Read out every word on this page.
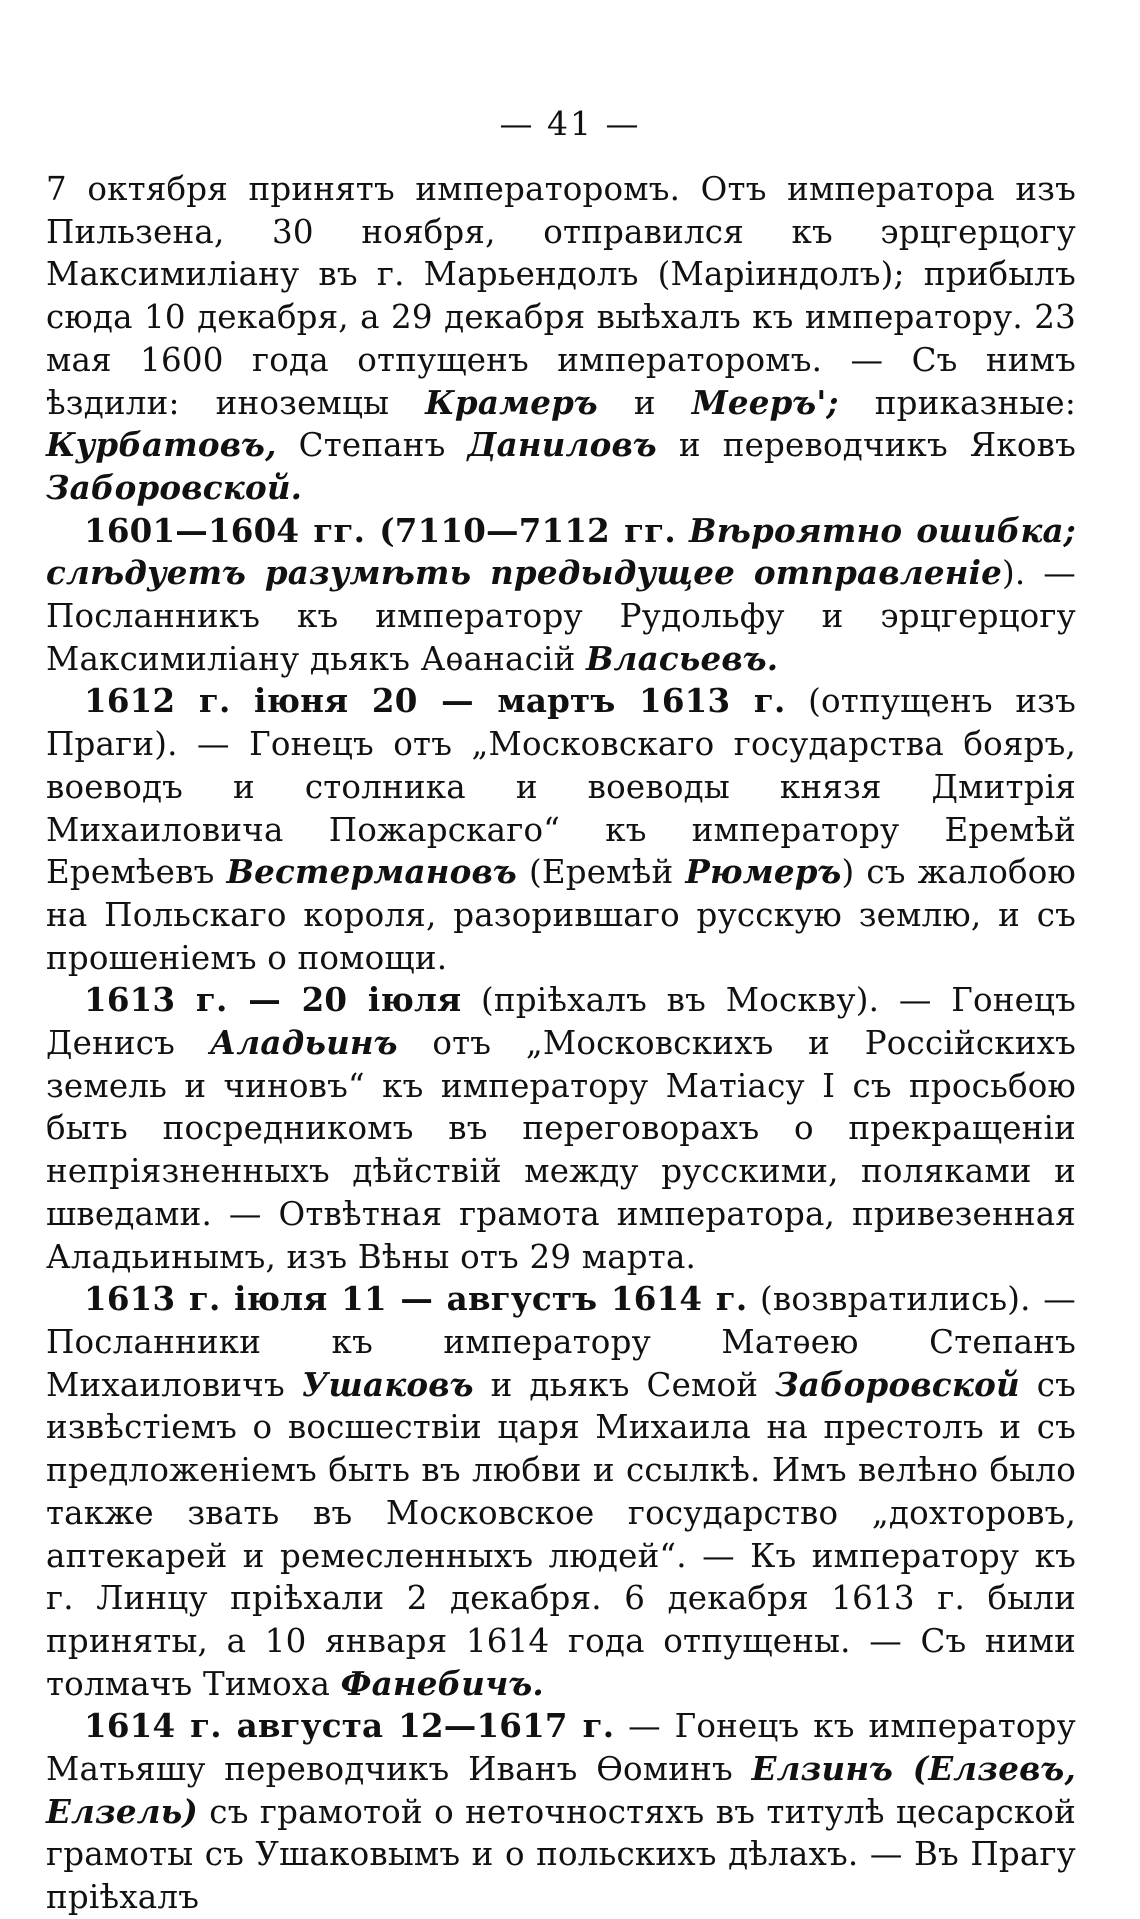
— 41 —

7 октября принятъ императоромъ. Отъ императора изъ Пильзена, 30 ноября, отправился къ эрцгерцогу Максимиліану въ г. Марьендолъ (Маріиндолъ); прибылъ сюда 10 декабря, а 29 декабря выѣхалъ къ императору. 23 мая 1600 года отпущенъ императоромъ. — Съ нимъ ѣздили: иноземцы Крамеръ и Мееръ'; приказные: Курбатовъ, Степанъ Даниловъ и переводчикъ Яковъ Заборовской.

1601—1604 гг. (7110—7112 гг. Вѣроятно ошибка; слѣдуетъ разумѣть предыдущее отправленіе). — Посланникъ къ императору Рудольфу и эрцгерцогу Максимиліану дьякъ Аѳанасій Власьевъ.

1612 г. іюня 20 — мартъ 1613 г. (отпущенъ изъ Праги). — Гонецъ отъ „Московскаго государства бояръ, воеводъ и столника и воеводы князя Дмитрія Михаиловича Пожарскаго“ къ императору Еремѣй Еремѣевъ Вестермановъ (Еремѣй Рюмеръ) съ жалобою на Польскаго короля, разорившаго русскую землю, и съ прошеніемъ о помощи.

1613 г. — 20 іюля (пріѣхалъ въ Москву). — Гонецъ Денисъ Аладьинъ отъ „Московскихъ и Россійскихъ земель и чиновъ“ къ императору Матіасу I съ просьбою быть посредникомъ въ переговорахъ о прекращеніи непріязненныхъ дѣйствій между русскими, поляками и шведами. — Отвѣтная грамота императора, привезенная Аладьинымъ, изъ Вѣны отъ 29 марта.

1613 г. іюля 11 — августъ 1614 г. (возвратились). — Посланники къ императору Матѳею Степанъ Михаиловичъ Ушаковъ и дьякъ Семой Заборовской съ извѣстіемъ о восшествіи царя Михаила на престолъ и съ предложеніемъ быть въ любви и ссылкѣ. Имъ велѣно было также звать въ Московское государство „дохторовъ, аптекарей и ремесленныхъ людей“. — Къ императору къ г. Линцу пріѣхали 2 декабря. 6 декабря 1613 г. были приняты, а 10 января 1614 года отпущены. — Съ ними толмачъ Тимоха Фанебичъ.

1614 г. августа 12—1617 г. — Гонецъ къ императору Матьяшу переводчикъ Иванъ Ѳоминъ Елзинъ (Елзевъ, Елзель) съ грамотой о неточностяхъ въ титулѣ цесарской грамоты съ Ушаковымъ и о польскихъ дѣлахъ. — Въ Прагу пріѣхалъ
